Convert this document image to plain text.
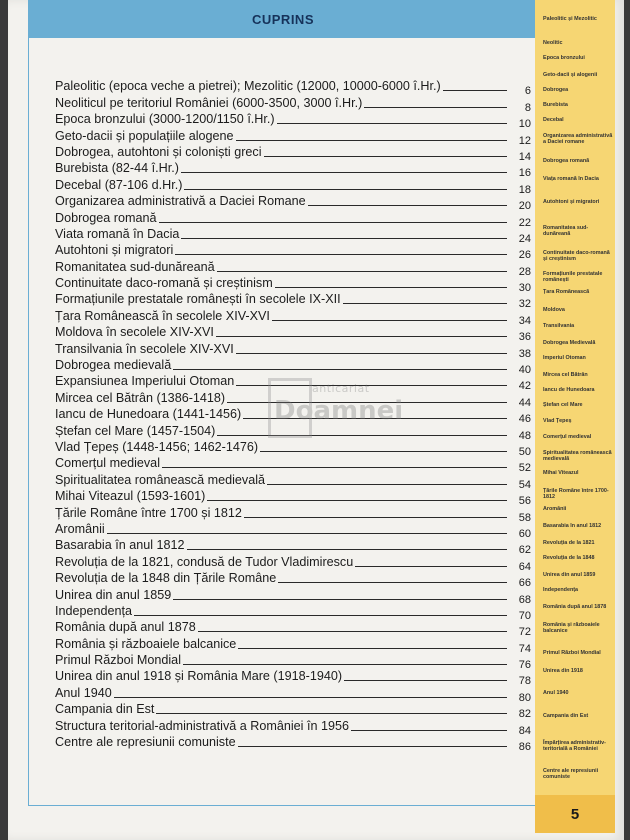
CUPRINS
Paleolitic (epoca veche a pietrei); Mezolitic (12000, 10000-6000 î.Hr.)	6
Neoliticul pe teritoriul României (6000-3500, 3000 î.Hr.)	8
Epoca bronzului (3000-1200/1150 î.Hr.)	10
Geto-dacii și populațiile alogene	12
Dobrogea, autohtoni și coloniști greci	14
Burebista (82-44 î.Hr.)	16
Decebal (87-106 d.Hr.)	18
Organizarea administrativă a Daciei Romane	20
Dobrogea romană	22
Viata romană în Dacia	24
Autohtoni și migratori	26
Romanitatea sud-dunăreană	28
Continuitate daco-romană și creștinism	30
Formațiunile prestatale românești în secolele IX-XII	32
Țara Românească în secolele XIV-XVI	34
Moldova în secolele XIV-XVI	36
Transilvania în secolele XIV-XVI	38
Dobrogea medievală	40
Expansiunea Imperiului Otoman	42
Mircea cel Bătrân (1386-1418)	44
Iancu de Hunedoara (1441-1456)	46
Ștefan cel Mare (1457-1504)	48
Vlad Țepeș (1448-1456; 1462-1476)	50
Comerțul medieval	52
Spiritualitatea românească medievală	54
Mihai Viteazul (1593-1601)	56
Țările Române între 1700 și 1812	58
Aromânii	60
Basarabia în anul 1812	62
Revoluția de la 1821, condusă de Tudor Vladimirescu	64
Revoluția de la 1848 din Țările Române	66
Unirea din anul 1859	68
Independența	70
România după anul 1878	72
România și războaiele balcanice	74
Primul Război Mondial	76
Unirea din anul 1918 și România Mare (1918-1940)	78
Anul 1940	80
Campania din Est	82
Structura teritorial-administrativă a României în 1956	84
Centre ale represiunii comuniste	86
Paleolitic și Mezolitic
Neolitic
Epoca bronzului
Geto-dacii și alogenii
Dobrogea
Burebista
Decebal
Organizarea administrativă a Daciei romane
Dobrogea romană
Viața romană în Dacia
Autohtoni și migratori
Romanitatea sud-dunăreană
Continuitate daco-romană și creștinism
Formațiunile prestatale românești
Țara Românească
Moldova
Transilvania
Dobrogea Medievală
Imperiul Otoman
Mircea cel Bătrân
Iancu de Hunedoara
Ștefan cel Mare
Vlad Țepeș
Comerțul medieval
Spiritualitatea românească medievală
Mihai Viteazul
Țările Române între 1700-1812
Aromânii
Basarabia în anul 1812
Revoluția de la 1821
Revoluția de la 1848
Unirea din anul 1859
Independența
România după anul 1878
România și războaiele balcanice
Primul Război Mondial
Unirea din 1918
Anul 1940
Campania din Est
Împărțirea administrativ-teritorială a României
Centre ale represiunii comuniste
5
anticariat
Doamnei
